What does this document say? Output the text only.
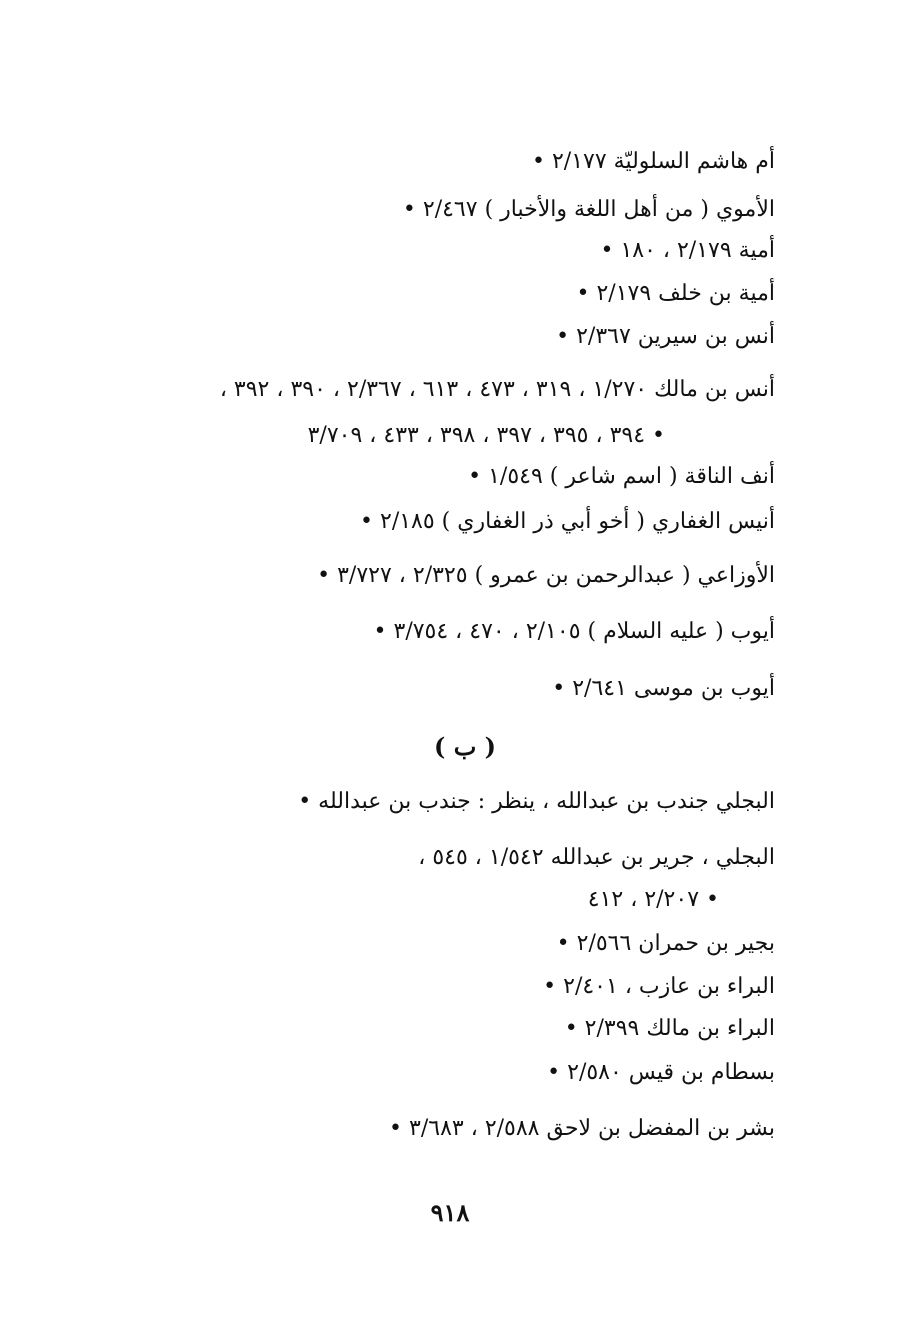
أم هاشم السلوليّة ٢/١٧٧ •
الأموي ( من أهل اللغة والأخبار ) ٢/٤٦٧ •
أمية ٢/١٧٩ ، ١٨٠ •
أمية بن خلف ٢/١٧٩ •
أنس بن سيرين ٢/٣٦٧ •
أنس بن مالك ١/٢٧٠ ، ٣١٩ ، ٤٧٣ ، ٦١٣ ، ٢/٣٦٧ ، ٣٩٠ ، ٣٩٢ ،
٣٩٤ ، ٣٩٥ ، ٣٩٧ ، ٣٩٨ ، ٤٣٣ ، ٣/٧٠٩ •
أنف الناقة ( اسم شاعر ) ١/٥٤٩ •
أنيس الغفاري ( أخو أبي ذر الغفاري ) ٢/١٨٥ •
الأوزاعي ( عبدالرحمن بن عمرو ) ٢/٣٢٥ ، ٣/٧٢٧ •
أيوب ( عليه السلام ) ٢/١٠٥ ، ٤٧٠ ، ٣/٧٥٤ •
أيوب بن موسى ٢/٦٤١ •
( ب )
البجلي جندب بن عبدالله ، ينظر : جندب بن عبدالله •
البجلي ، جرير بن عبدالله ١/٥٤٢ ، ٥٤٥ ،
٢/٢٠٧ ، ٤١٢ •
بجير بن حمران ٢/٥٦٦ •
البراء بن عازب ، ٢/٤٠١ •
البراء بن مالك ٢/٣٩٩ •
بسطام بن قيس ٢/٥٨٠ •
بشر بن المفضل بن لاحق ٢/٥٨٨ ، ٣/٦٨٣ •
٩١٨
